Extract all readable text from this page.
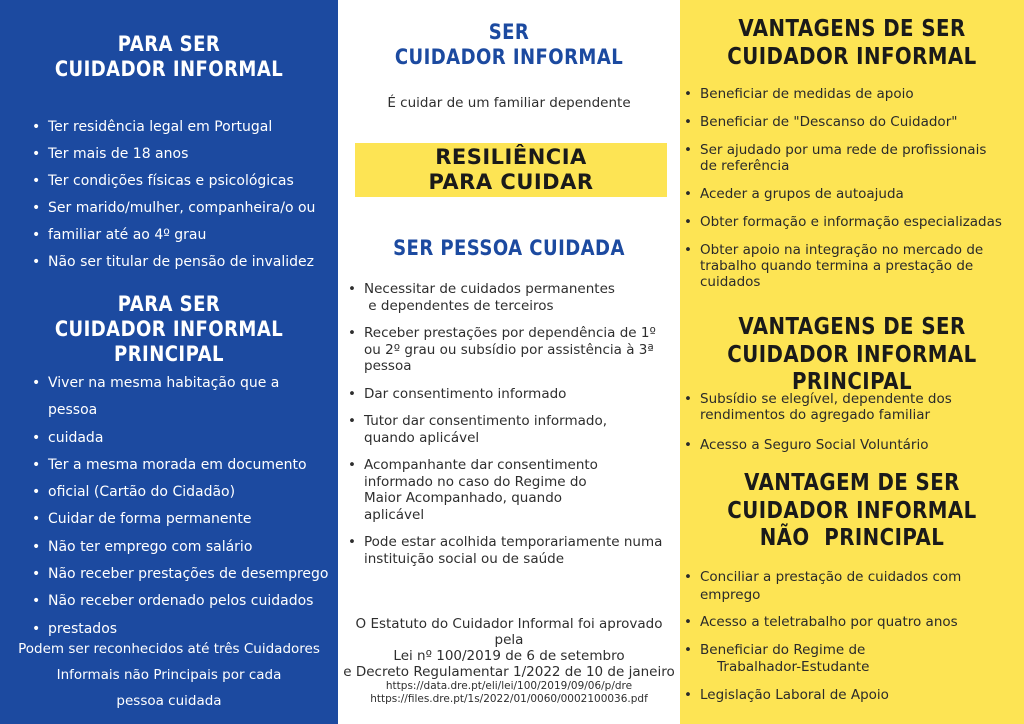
PARA SER
CUIDADOR INFORMAL
• Ter residência legal em Portugal
• Ter mais de 18 anos
• Ter condições físicas e psicológicas
• Ser marido/mulher, companheira/o ou
• familiar até ao 4º grau
• Não ser titular de pensão de invalidez
PARA SER
CUIDADOR INFORMAL PRINCIPAL
• Viver na mesma habitação que a pessoa
• cuidada
• Ter a mesma morada em documento
• oficial (Cartão do Cidadão)
• Cuidar de forma permanente
• Não ter emprego com salário
• Não receber prestações de desemprego
• Não receber ordenado pelos cuidados
• prestados

Podem ser reconhecidos até três Cuidadores
Informais não Principais por cada
pessoa cuidada

SER
CUIDADOR INFORMAL

É cuidar de um familiar dependente

RESILIÊNCIA
PARA CUIDAR
SER PESSOA CUIDADA
• Necessitar de cuidados permanentes
e dependentes de terceiros
• Receber prestações por dependência de 1º
ou 2º grau ou subsídio por assistência à 3ª
pessoa
• Dar consentimento informado
• Tutor dar consentimento informado,
quando aplicável
• Acompanhante dar consentimento
informado no caso do Regime do
Maior Acompanhado, quando
aplicável
• Pode estar acolhida temporariamente numa
instituição social ou de saúde
O Estatuto do Cuidador Informal foi aprovado
pela
Lei nº 100/2019 de 6 de setembro
e Decreto Regulamentar 1/2022 de 10 de janeiro
https://data.dre.pt/eli/lei/100/2019/09/06/p/dre
https://files.dre.pt/1s/2022/01/0060/0002100036.pdf
VANTAGENS DE SER
CUIDADOR INFORMAL
• Beneficiar de medidas de apoio
• Beneficiar de "Descanso do Cuidador"
• Ser ajudado por uma rede de profissionais
de referência
• Aceder a grupos de autoajuda
• Obter formação e informação especializadas
• Obter apoio na integração no mercado de
trabalho quando termina a prestação de
cuidados
VANTAGENS DE SER
CUIDADOR INFORMAL PRINCIPAL
• Subsídio se elegível, dependente dos
rendimentos do agregado familiar
• Acesso a Seguro Social Voluntário
VANTAGEM DE SER
CUIDADOR INFORMAL
NÃO  PRINCIPAL
• Conciliar a prestação de cuidados com
emprego
• Acesso a teletrabalho por quatro anos
• Beneficiar do Regime de
Trabalhador-Estudante
• Legislação Laboral de Apoio
